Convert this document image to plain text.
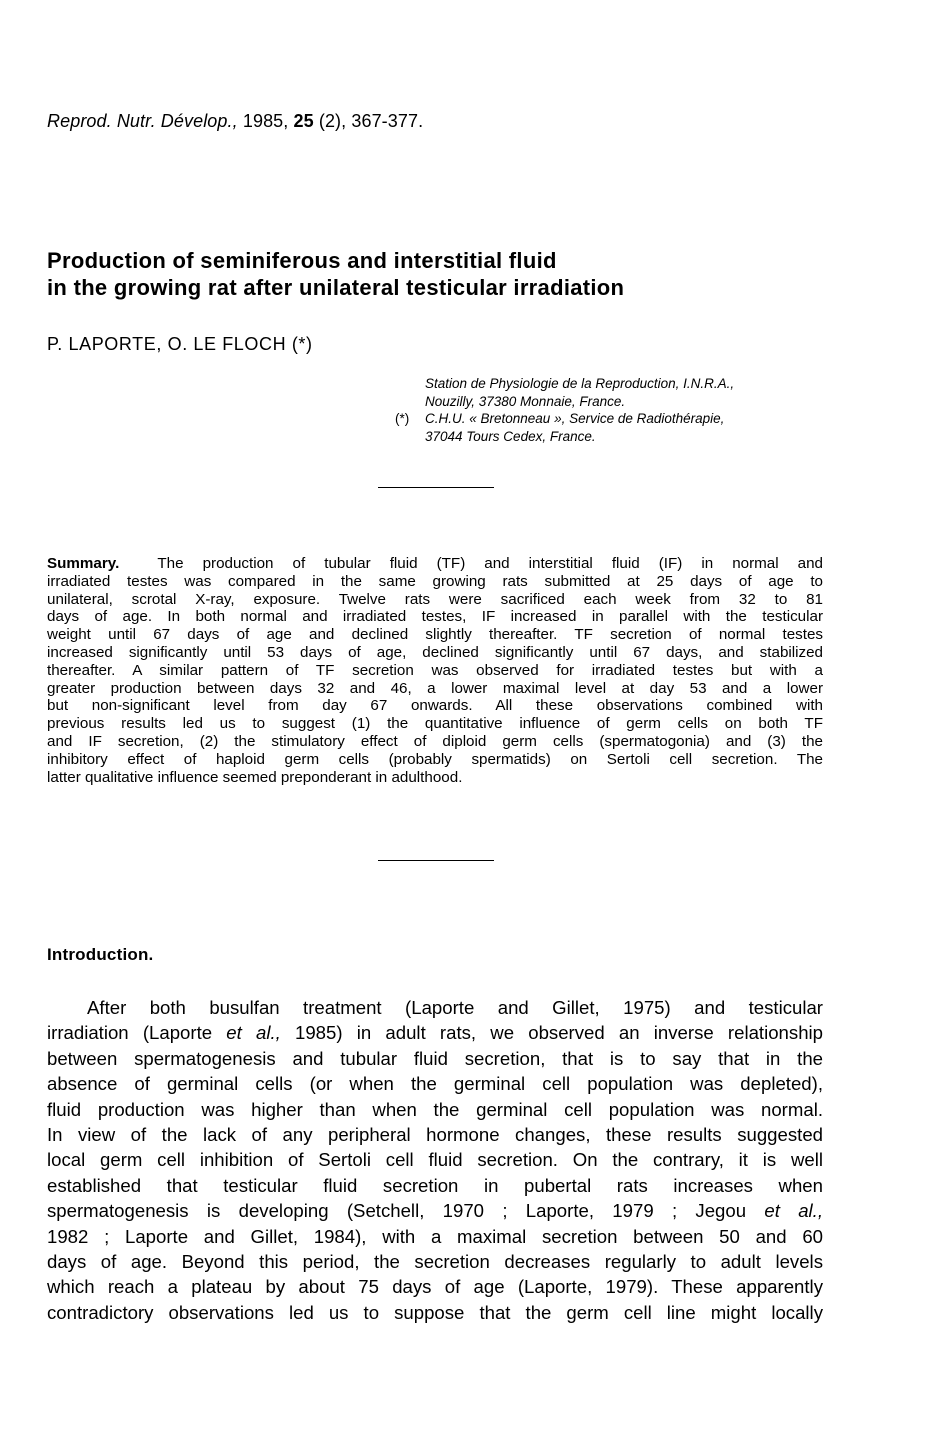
Reprod. Nutr. Dévelop., 1985, 25 (2), 367-377.
Production of seminiferous and interstitial fluid
in the growing rat after unilateral testicular irradiation
P. LAPORTE, O. LE FLOCH (*)
Station de Physiologie de la Reproduction, I.N.R.A.,
Nouzilly, 37380 Monnaie, France.
(*) C.H.U. « Bretonneau », Service de Radiothérapie,
37044 Tours Cedex, France.
Summary.	The production of tubular fluid (TF) and interstitial fluid (IF) in normal and
irradiated testes was compared in the same growing rats submitted at 25 days of age to
unilateral, scrotal X-ray, exposure. Twelve rats were sacrificed each week from 32 to 81
days of age. In both normal and irradiated testes, IF increased in parallel with the testicular
weight until 67 days of age and declined slightly thereafter. TF secretion of normal testes
increased significantly until 53 days of age, declined significantly until 67 days, and stabilized
thereafter. A similar pattern of TF secretion was observed for irradiated testes but with a
greater production between days 32 and 46, a lower maximal level at day 53 and a lower
but non-significant level from day 67 onwards. All these observations combined with
previous results led us to suggest (1) the quantitative influence of germ cells on both TF
and IF secretion, (2) the stimulatory effect of diploid germ cells (spermatogonia) and (3) the
inhibitory effect of haploid germ cells (probably spermatids) on Sertoli cell secretion. The
latter qualitative influence seemed preponderant in adulthood.
Introduction.
After both busulfan treatment (Laporte and Gillet, 1975) and testicular
irradiation (Laporte et al., 1985) in adult rats, we observed an inverse relationship
between spermatogenesis and tubular fluid secretion, that is to say that in the
absence of germinal cells (or when the germinal cell population was depleted),
fluid production was higher than when the germinal cell population was normal.
In view of the lack of any peripheral hormone changes, these results suggested
local germ cell inhibition of Sertoli cell fluid secretion. On the contrary, it is well
established that testicular fluid secretion in pubertal rats increases when
spermatogenesis is developing (Setchell, 1970 ; Laporte, 1979 ; Jegou et al.,
1982 ; Laporte and Gillet, 1984), with a maximal secretion between 50 and 60
days of age. Beyond this period, the secretion decreases regularly to adult levels
which reach a plateau by about 75 days of age (Laporte, 1979). These apparently
contradictory observations led us to suppose that the germ cell line might locally
